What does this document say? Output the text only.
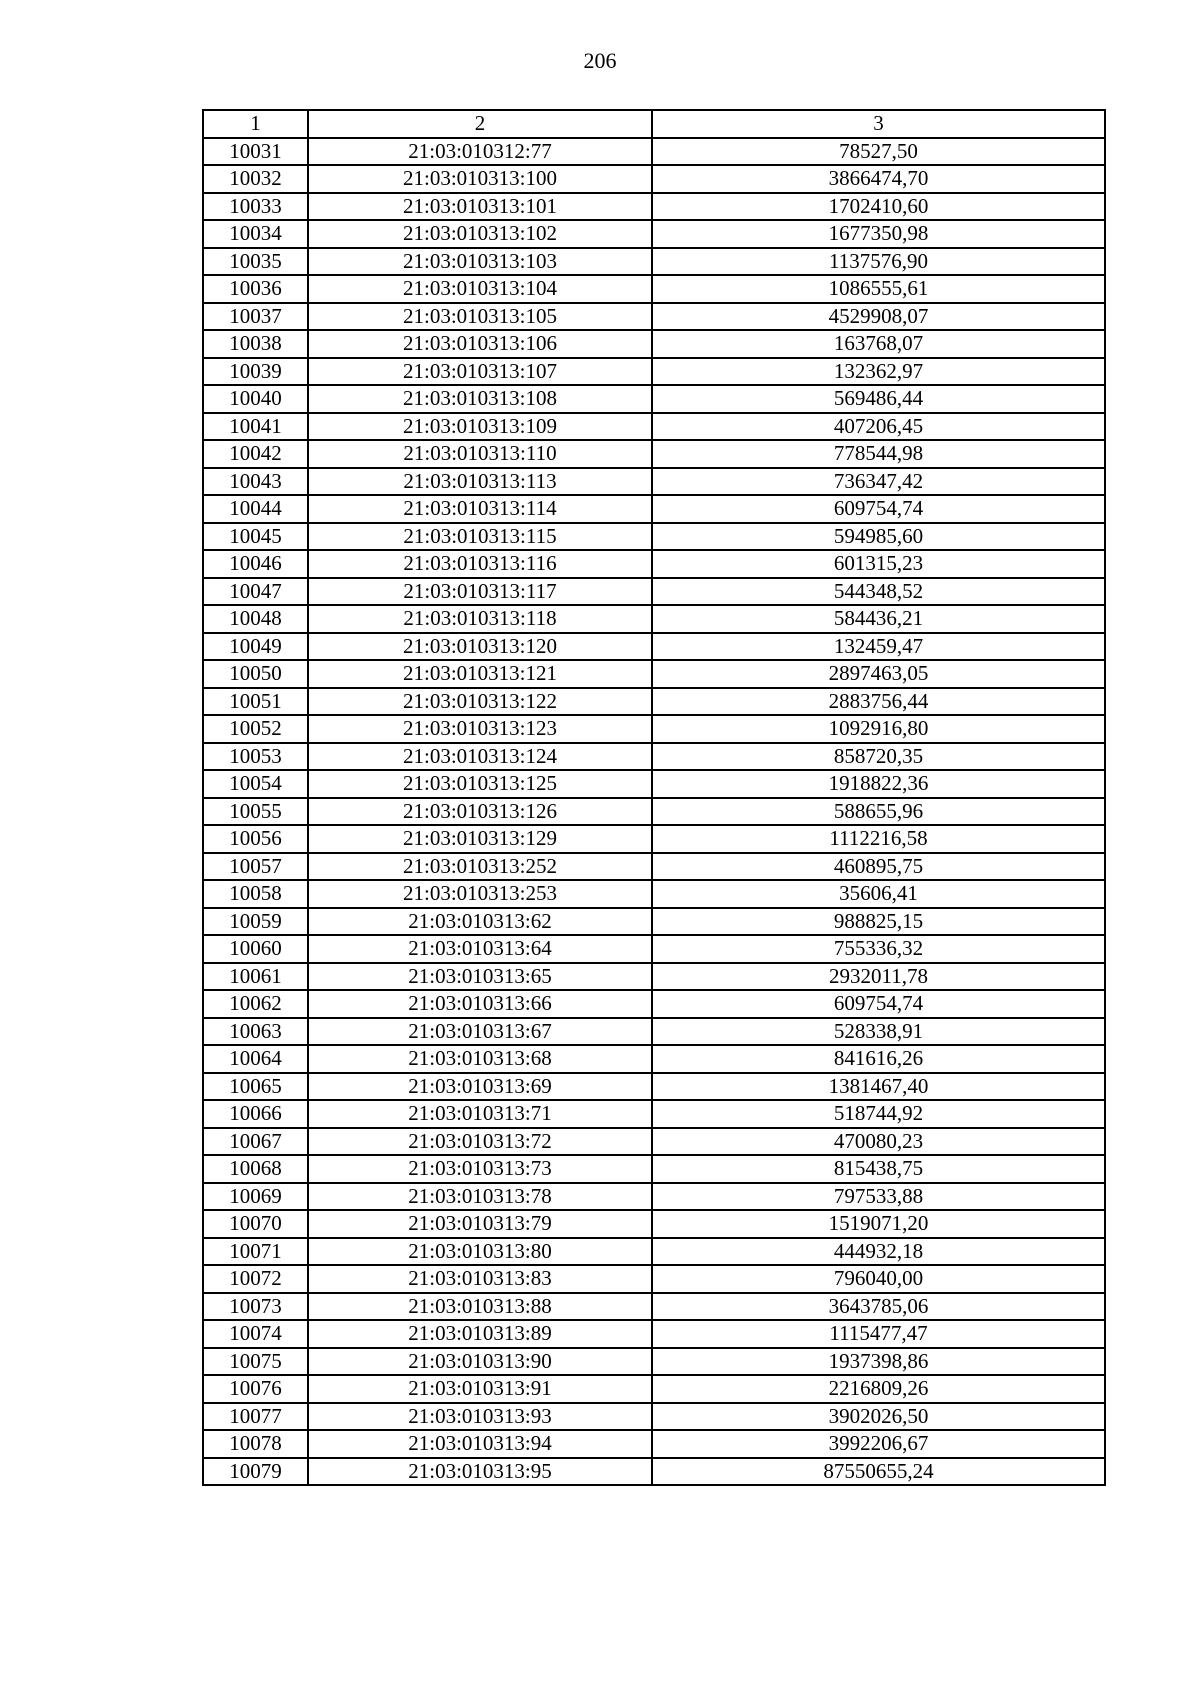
206
1	2	3
10031	21:03:010312:77	78527,50
10032	21:03:010313:100	3866474,70
10033	21:03:010313:101	1702410,60
10034	21:03:010313:102	1677350,98
10035	21:03:010313:103	1137576,90
10036	21:03:010313:104	1086555,61
10037	21:03:010313:105	4529908,07
10038	21:03:010313:106	163768,07
10039	21:03:010313:107	132362,97
10040	21:03:010313:108	569486,44
10041	21:03:010313:109	407206,45
10042	21:03:010313:110	778544,98
10043	21:03:010313:113	736347,42
10044	21:03:010313:114	609754,74
10045	21:03:010313:115	594985,60
10046	21:03:010313:116	601315,23
10047	21:03:010313:117	544348,52
10048	21:03:010313:118	584436,21
10049	21:03:010313:120	132459,47
10050	21:03:010313:121	2897463,05
10051	21:03:010313:122	2883756,44
10052	21:03:010313:123	1092916,80
10053	21:03:010313:124	858720,35
10054	21:03:010313:125	1918822,36
10055	21:03:010313:126	588655,96
10056	21:03:010313:129	1112216,58
10057	21:03:010313:252	460895,75
10058	21:03:010313:253	35606,41
10059	21:03:010313:62	988825,15
10060	21:03:010313:64	755336,32
10061	21:03:010313:65	2932011,78
10062	21:03:010313:66	609754,74
10063	21:03:010313:67	528338,91
10064	21:03:010313:68	841616,26
10065	21:03:010313:69	1381467,40
10066	21:03:010313:71	518744,92
10067	21:03:010313:72	470080,23
10068	21:03:010313:73	815438,75
10069	21:03:010313:78	797533,88
10070	21:03:010313:79	1519071,20
10071	21:03:010313:80	444932,18
10072	21:03:010313:83	796040,00
10073	21:03:010313:88	3643785,06
10074	21:03:010313:89	1115477,47
10075	21:03:010313:90	1937398,86
10076	21:03:010313:91	2216809,26
10077	21:03:010313:93	3902026,50
10078	21:03:010313:94	3992206,67
10079	21:03:010313:95	87550655,24
